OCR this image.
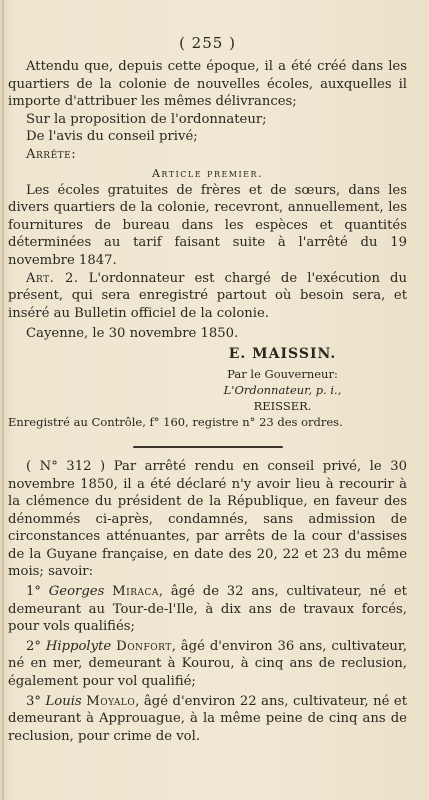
( 255 )

Attendu que, depuis cette époque, il a été créé dans les quartiers de la colonie de nouvelles écoles, auxquelles il importe d'attribuer les mêmes délivrances;

Sur la proposition de l'ordonnateur;

De l'avis du conseil privé;

Arrête:

Article premier.

Les écoles gratuites de frères et de sœurs, dans les divers quartiers de la colonie, recevront, annuellement, les fournitures de bureau dans les espèces et quantités déterminées au tarif faisant suite à l'arrêté du 19 novembre 1847.

Art. 2. L'ordonnateur est chargé de l'exécution du présent, qui sera enregistré partout où besoin sera, et inséré au Bulletin officiel de la colonie.

Cayenne, le 30 novembre 1850.

E. MAISSIN.
Par le Gouverneur:
L'Ordonnateur, p. i.,
REISSER.

Enregistré au Contrôle, f° 160, registre n° 23 des ordres.

( N° 312 ) Par arrêté rendu en conseil privé, le 30 novembre 1850, il a été déclaré n'y avoir lieu à recourir à la clémence du président de la République, en faveur des dénommés ci-après, condamnés, sans admission de circonstances atténuantes, par arrêts de la cour d'assises de la Guyane française, en date des 20, 22 et 23 du même mois; savoir:

1° Georges Miraca, âgé de 32 ans, cultivateur, né et demeurant au Tour-de-l'Ile, à dix ans de travaux forcés, pour vols qualifiés;

2° Hippolyte Donfort, âgé d'environ 36 ans, cultivateur, né en mer, demeurant à Kourou, à cinq ans de reclusion, également pour vol qualifié;

3° Louis Moyalo, âgé d'environ 22 ans, cultivateur, né et demeurant à Approuague, à la même peine de cinq ans de reclusion, pour crime de vol.
